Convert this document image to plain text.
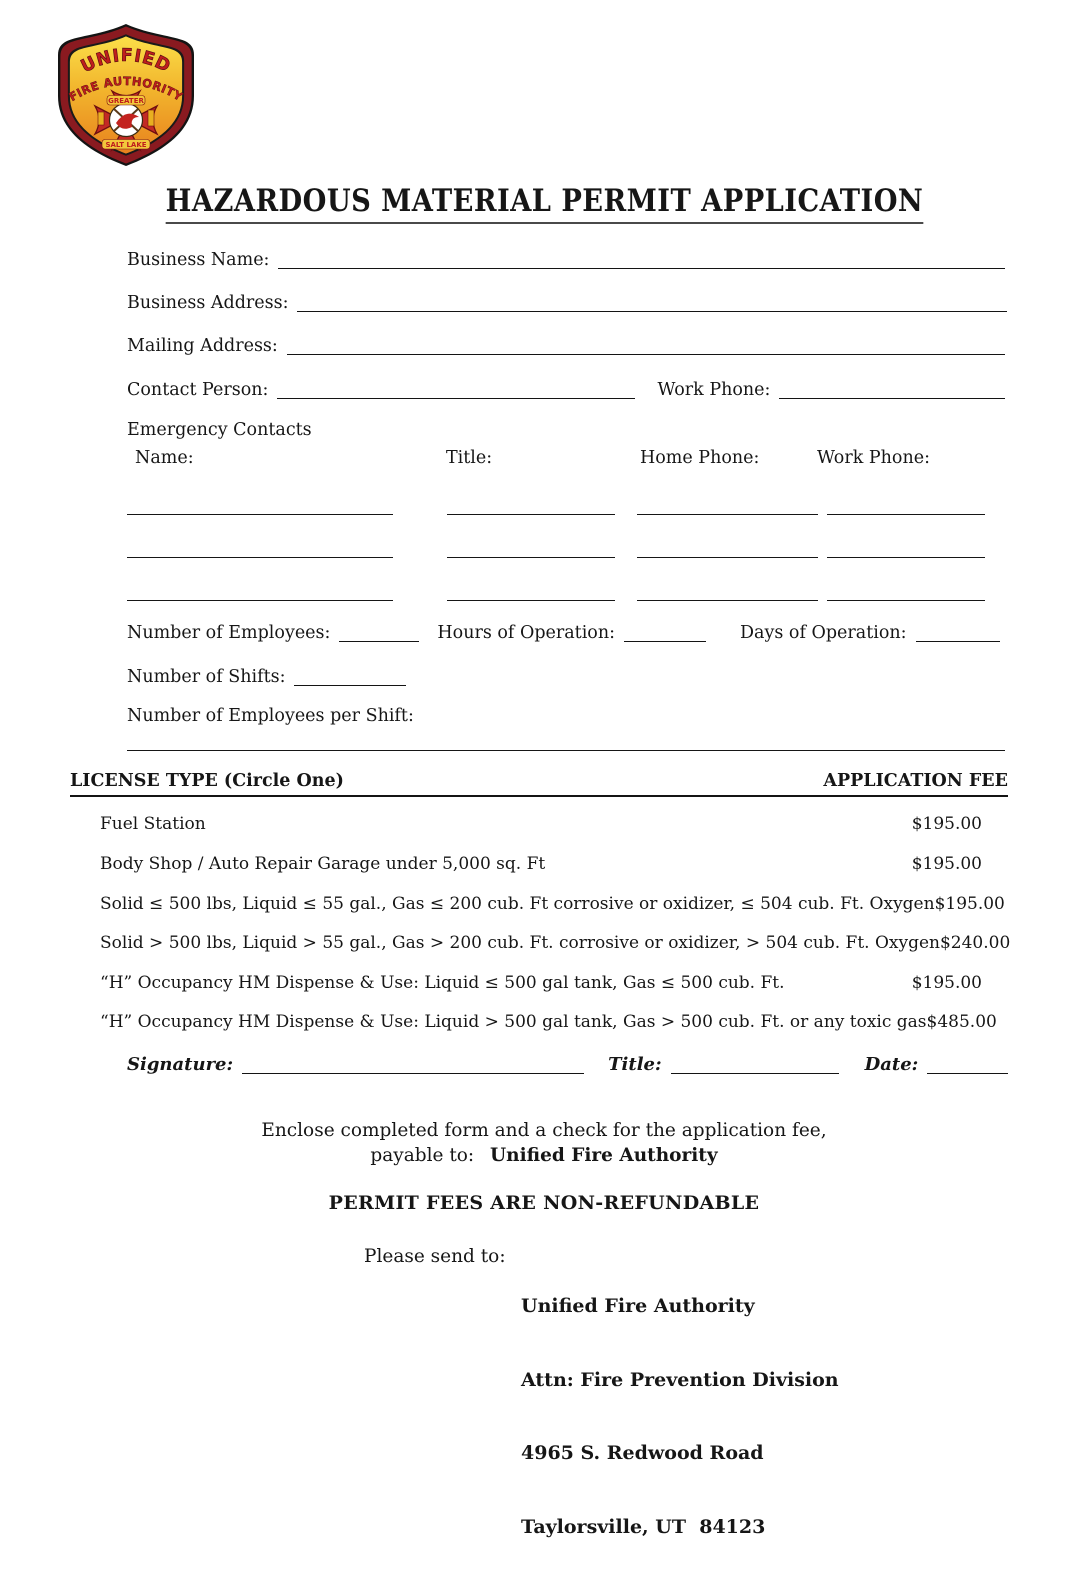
UNIFIED
FIRE AUTHORITY
GREATER
SALT LAKE
HAZARDOUS MATERIAL PERMIT APPLICATION
Business Name:
Business Address:
Mailing Address:
Contact Person:	Work Phone:
Emergency Contacts
Name:	Title:	Home Phone:	Work Phone:
Number of Employees:	Hours of Operation:	Days of Operation:
Number of Shifts:
Number of Employees per Shift:
LICENSE TYPE (Circle One)	APPLICATION FEE
Fuel Station	$195.00
Body Shop / Auto Repair Garage under 5,000 sq. Ft	$195.00
Solid ≤ 500 lbs, Liquid ≤ 55 gal., Gas ≤ 200 cub. Ft corrosive or oxidizer, ≤ 504 cub. Ft. Oxygen $195.00
Solid > 500 lbs, Liquid > 55 gal., Gas > 200 cub. Ft. corrosive or oxidizer, > 504 cub. Ft. Oxygen $240.00
“H” Occupancy HM Dispense & Use: Liquid ≤ 500 gal tank, Gas ≤ 500 cub. Ft.	$195.00
“H” Occupancy HM Dispense & Use: Liquid > 500 gal tank, Gas > 500 cub. Ft. or any toxic gas $485.00
Signature:	Title:	Date:
Enclose completed form and a check for the application fee,
payable to: Unified Fire Authority
PERMIT FEES ARE NON-REFUNDABLE
Please send to:

Unified Fire Authority

Attn: Fire Prevention Division

4965 S. Redwood Road

Taylorsville, UT  84123
